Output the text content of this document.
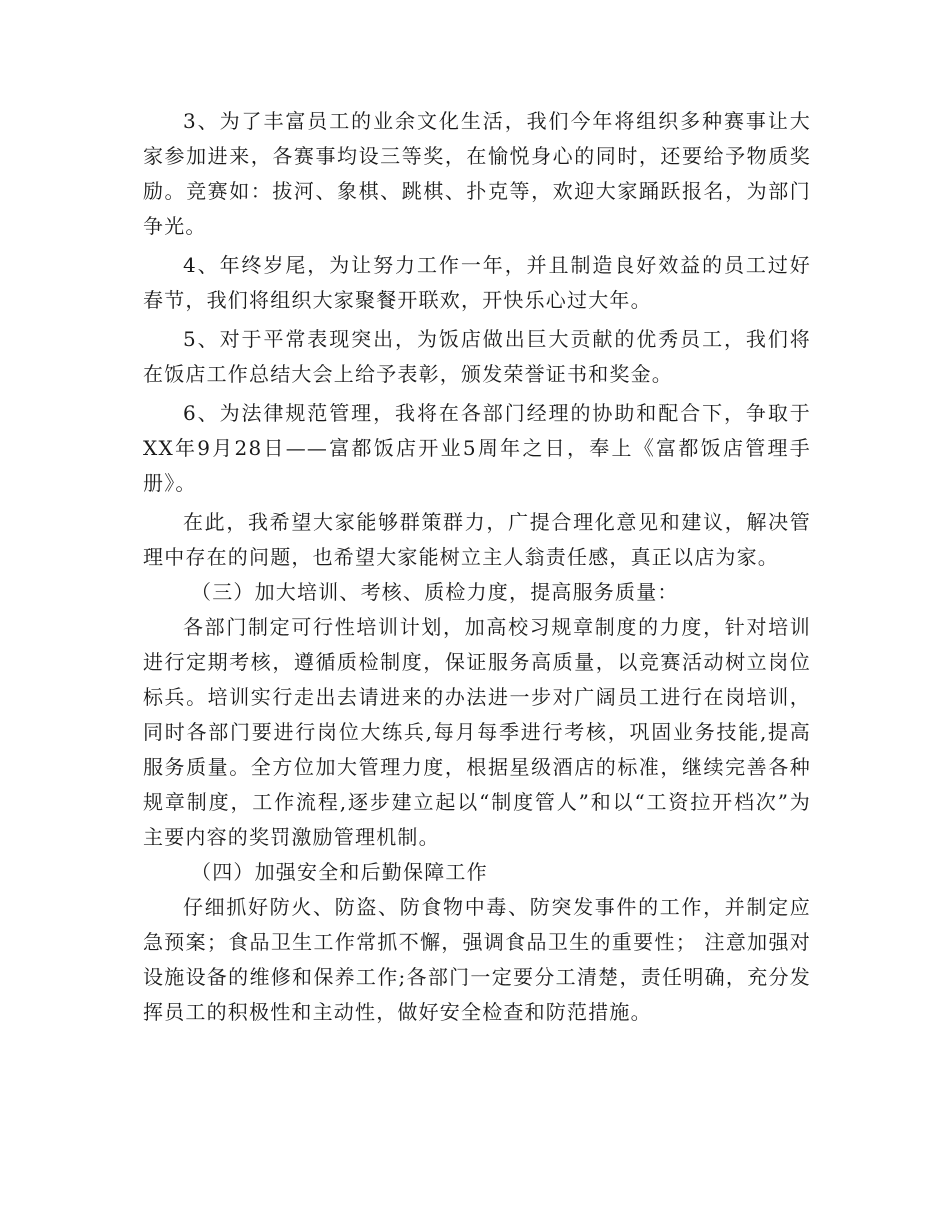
3、为了丰富员工的业余文化生活，我们今年将组织多种赛事让大家参加进来，各赛事均设三等奖，在愉悦身心的同时，还要给予物质奖励。竞赛如：拔河、象棋、跳棋、扑克等，欢迎大家踊跃报名，为部门争光。

4、年终岁尾，为让努力工作一年，并且制造良好效益的员工过好春节，我们将组织大家聚餐开联欢，开快乐心过大年。

5、对于平常表现突出，为饭店做出巨大贡献的优秀员工，我们将在饭店工作总结大会上给予表彰，颁发荣誉证书和奖金。

6、为法律规范管理，我将在各部门经理的协助和配合下，争取于XX年9月28日——富都饭店开业5周年之日，奉上《富都饭店管理手册》。

在此，我希望大家能够群策群力，广提合理化意见和建议，解决管理中存在的问题，也希望大家能树立主人翁责任感，真正以店为家。

（三）加大培训、考核、质检力度，提高服务质量：

各部门制定可行性培训计划，加高校习规章制度的力度，针对培训进行定期考核，遵循质检制度，保证服务高质量，以竞赛活动树立岗位标兵。培训实行走出去请进来的办法进一步对广阔员工进行在岗培训，同时各部门要进行岗位大练兵,每月每季进行考核，巩固业务技能,提高服务质量。全方位加大管理力度，根据星级酒店的标准，继续完善各种规章制度，工作流程,逐步建立起以“制度管人”和以“工资拉开档次”为主要内容的奖罚激励管理机制。

（四）加强安全和后勤保障工作

仔细抓好防火、防盗、防食物中毒、防突发事件的工作，并制定应急预案；食品卫生工作常抓不懈，强调食品卫生的重要性； 注意加强对设施设备的维修和保养工作;各部门一定要分工清楚，责任明确，充分发挥员工的积极性和主动性，做好安全检查和防范措施。
